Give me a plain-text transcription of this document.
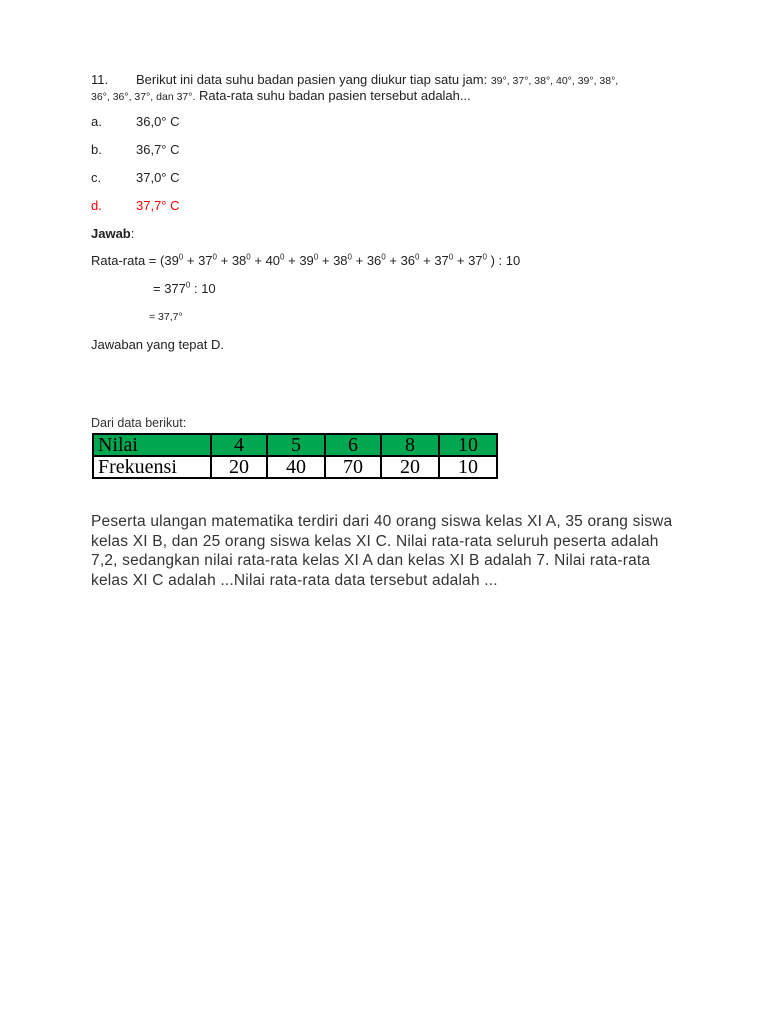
11. Berikut ini data suhu badan pasien yang diukur tiap satu jam: 39°, 37°, 38°, 40°, 39°, 38°,
36°, 36°, 37°, dan 37°. Rata-rata suhu badan pasien tersebut adalah...
a.	36,0° C
b.	36,7° C
c.	37,0° C
d.	37,7° C
Jawab:
Rata-rata = ($39^0 + 37^0 + 38^0 + 40^0 + 39^0 + 38^0 + 36^0 + 36^0 + 37^0 + 37^0$ ) : 10
= $377^0$ : 10
= 37,7°
Jawaban yang tepat D.
Dari data berikut:
Nilai	4	5	6	8	10
Frekuensi	20	40	70	20	10
Peserta ulangan matematika terdiri dari 40 orang siswa kelas XI A, 35 orang siswa kelas XI B, dan 25 orang siswa kelas XI C. Nilai rata-rata seluruh peserta adalah 7,2, sedangkan nilai rata-rata kelas XI A dan kelas XI B adalah 7. Nilai rata-rata kelas XI C adalah ...Nilai rata-rata data tersebut adalah ...
